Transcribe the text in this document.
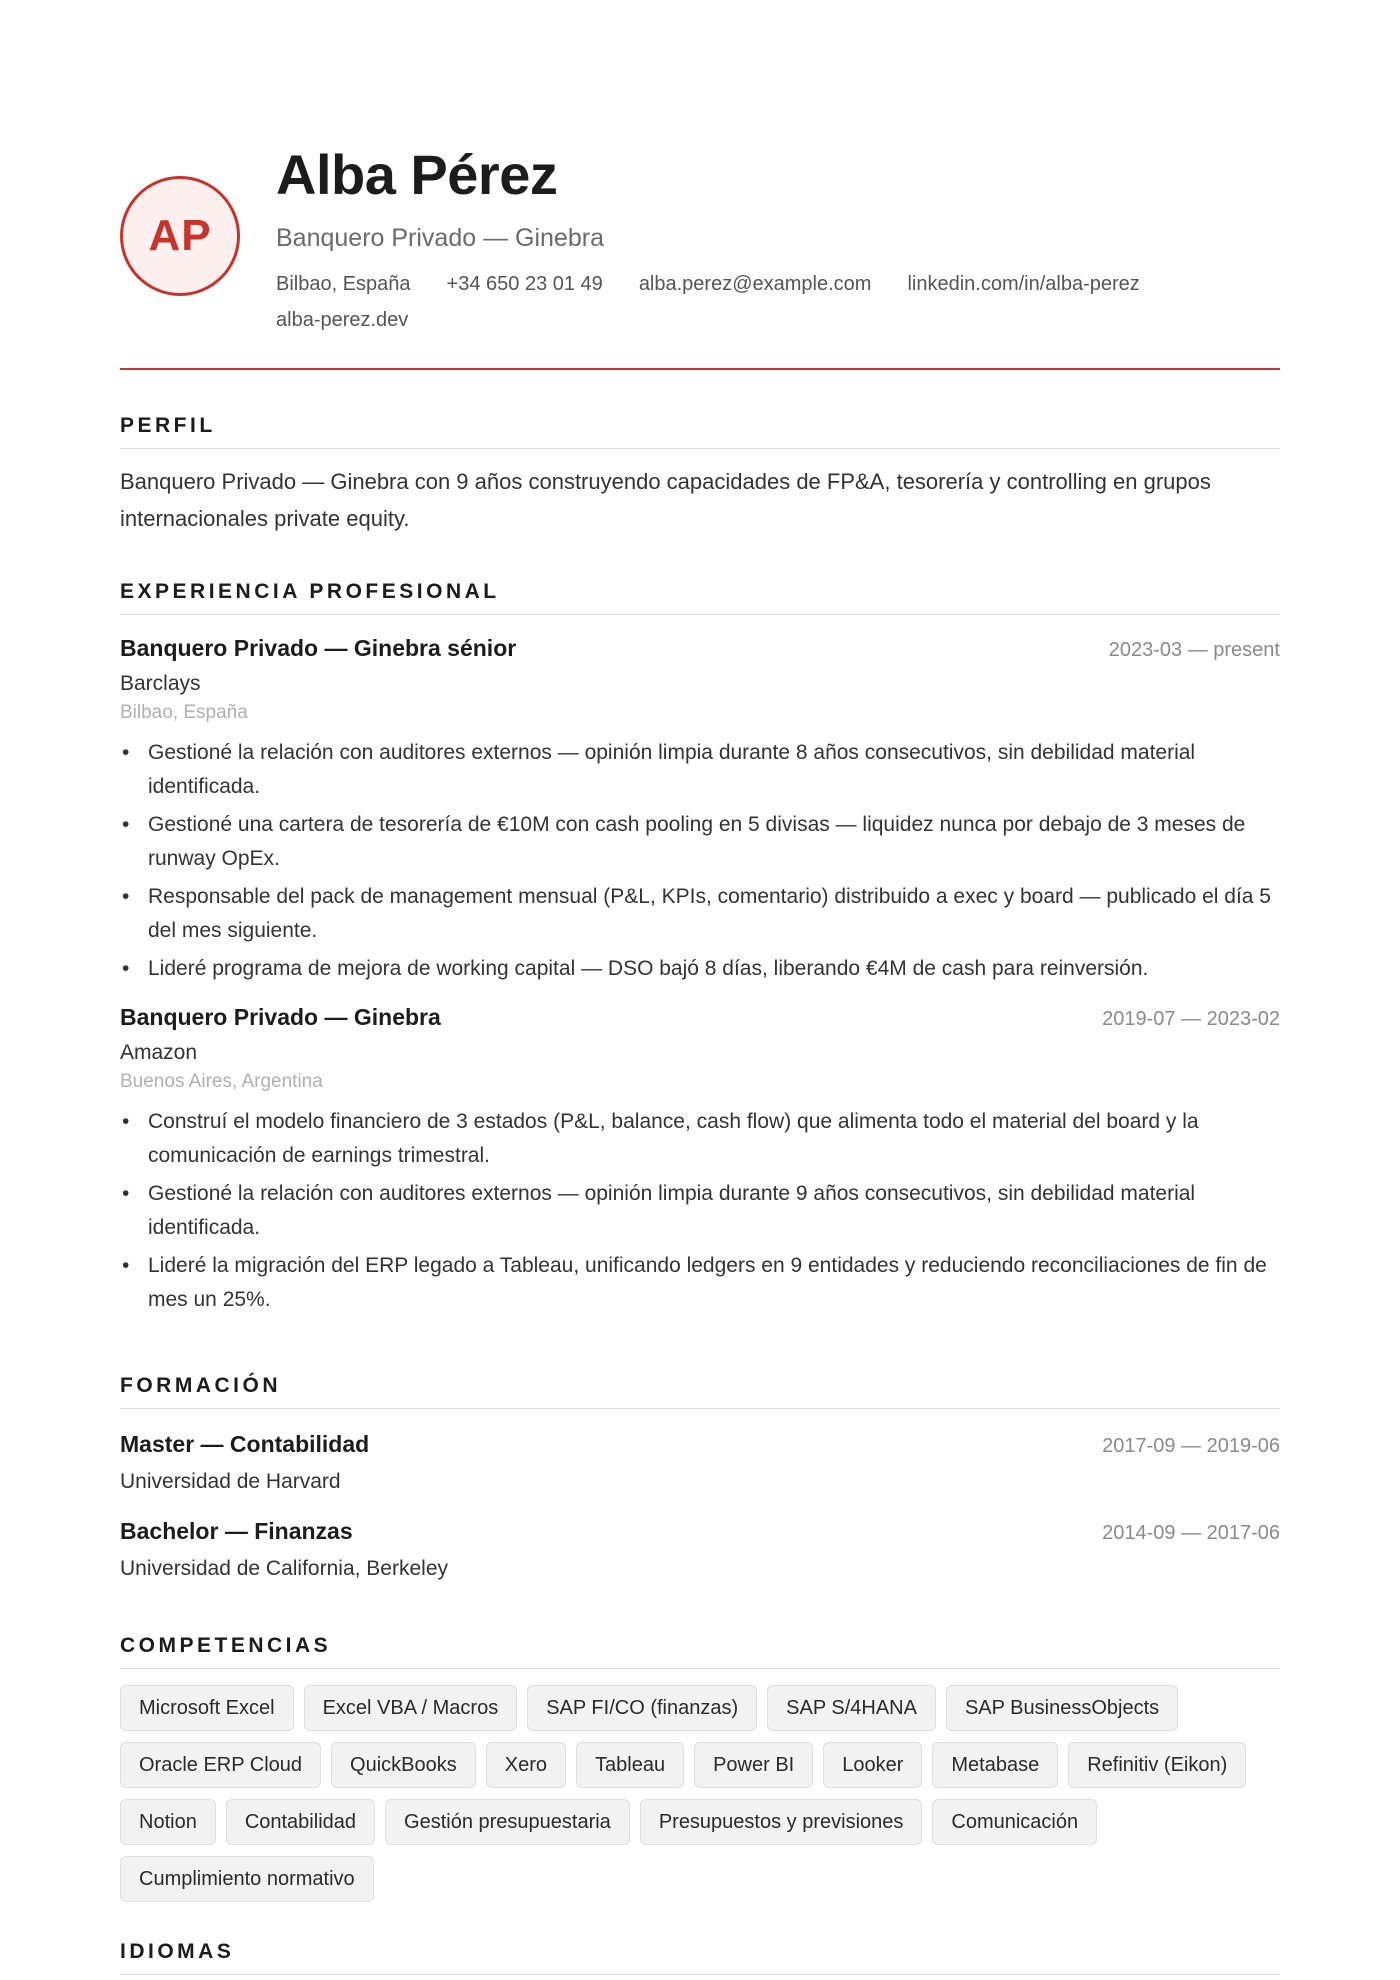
AP
Alba Pérez
Banquero Privado — Ginebra
Bilbao, España +34 650 23 01 49 alba.perez@example.com linkedin.com/in/alba-perez
alba-perez.dev
PERFIL

Banquero Privado — Ginebra con 9 años construyendo capacidades de FP&A, tesorería y controlling en grupos internacionales private equity.

EXPERIENCIA PROFESIONAL
Banquero Privado — Ginebra sénior	2023-03 — present
Barclays
Bilbao, España
• Gestioné la relación con auditores externos — opinión limpia durante 8 años consecutivos, sin debilidad material identificada.
• Gestioné una cartera de tesorería de €10M con cash pooling en 5 divisas — liquidez nunca por debajo de 3 meses de runway OpEx.
• Responsable del pack de management mensual (P&L, KPIs, comentario) distribuido a exec y board — publicado el día 5 del mes siguiente.
• Lideré programa de mejora de working capital — DSO bajó 8 días, liberando €4M de cash para reinversión.
Banquero Privado — Ginebra	2019-07 — 2023-02
Amazon
Buenos Aires, Argentina
• Construí el modelo financiero de 3 estados (P&L, balance, cash flow) que alimenta todo el material del board y la comunicación de earnings trimestral.
• Gestioné la relación con auditores externos — opinión limpia durante 9 años consecutivos, sin debilidad material identificada.
• Lideré la migración del ERP legado a Tableau, unificando ledgers en 9 entidades y reduciendo reconciliaciones de fin de mes un 25%.
FORMACIÓN
Master — Contabilidad	2017-09 — 2019-06
Universidad de Harvard
Bachelor — Finanzas	2014-09 — 2017-06
Universidad de California, Berkeley
COMPETENCIAS
Microsoft Excel	Excel VBA / Macros	SAP FI/CO (finanzas)	SAP S/4HANA	SAP BusinessObjects
Oracle ERP Cloud	QuickBooks	Xero	Tableau	Power BI	Looker	Metabase	Refinitiv (Eikon)
Notion	Contabilidad	Gestión presupuestaria	Presupuestos y previsiones	Comunicación
Cumplimiento normativo
IDIOMAS
